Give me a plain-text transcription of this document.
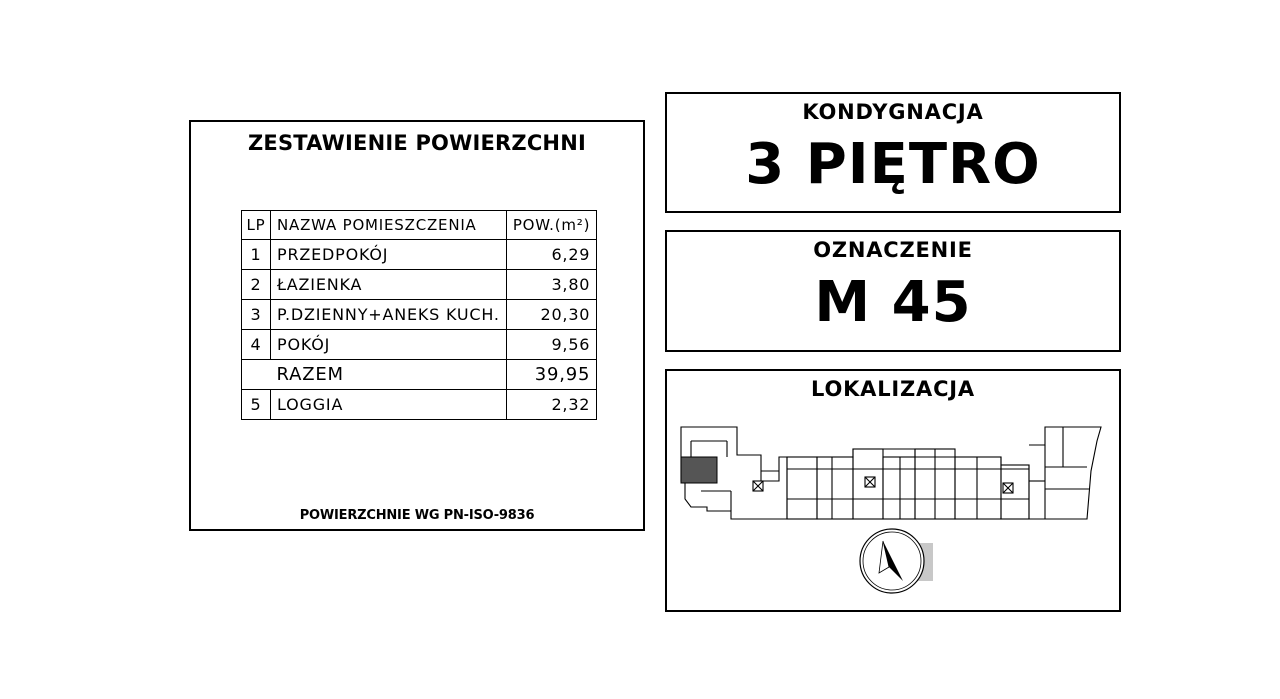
ZESTAWIENIE POWIERZCHNI
LP	NAZWA POMIESZCZENIA	POW.(m²)
1	PRZEDPOKÓJ	6,29
2	ŁAZIENKA	3,80
3	P.DZIENNY+ANEKS KUCH.	20,30
4	POKÓJ	9,56
	RAZEM	39,95
5	LOGGIA	2,32
POWIERZCHNIE WG PN-ISO-9836
KONDYGNACJA
3 PIĘTRO
OZNACZENIE
M 45
LOKALIZACJA
